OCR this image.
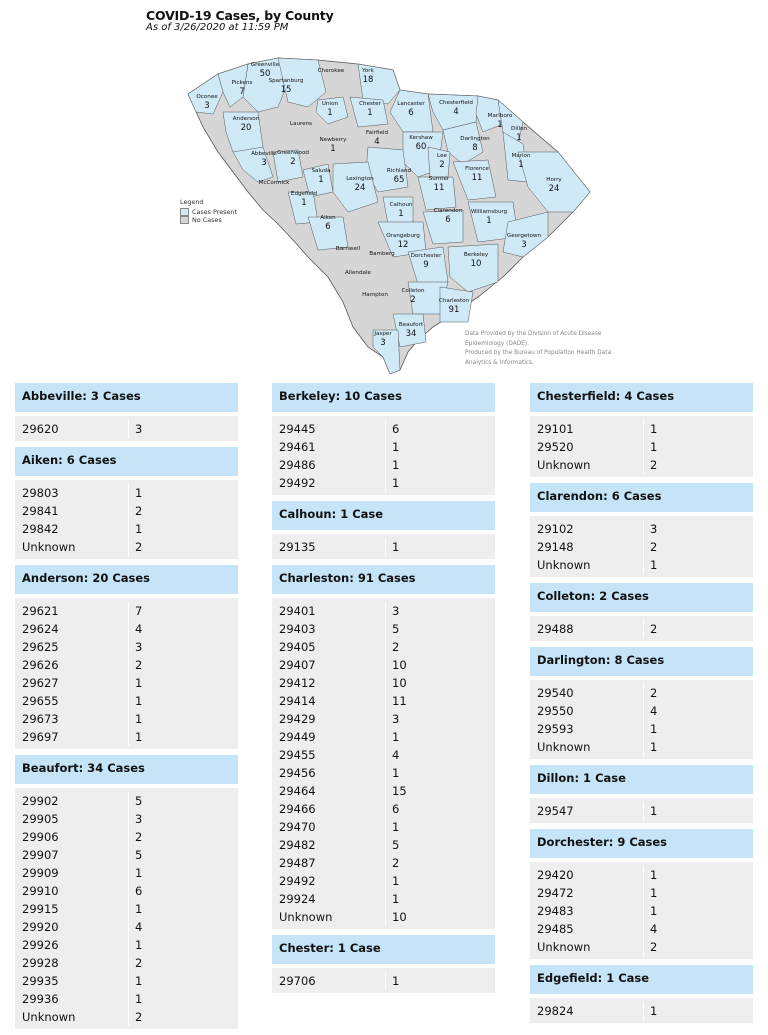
COVID-19 Cases, by County
As of 3/26/2020 at 11:59 PM
Greenville
50
Pickens
7
Oconee
3
Spartanburg
15
Cherokee	York
18
Anderson
20
Union
1
Chester
1
Lancaster
6
Chesterfield
4	Marlboro
1 Dillon
1
Laurens
Newberry
1
Fairfield
4	Kershaw
60
Darlington
8
Marion
1
Abbeville
3
Greenwood
2
Lee
2
Saluda
1
Richland
65
Florence
11
McCormick
Lexington
24
Sumter
11
Horry
24
Edgefield
1	Calhoun
1	Clarendon
6
Williamsburg
1
Aiken
6
Georgetown
3
Orangeburg
12
Barnwell
Bamberg	Dorchester
9
Berkeley
10
Allendale
Colleton
2
Hampton
Charleston
91
Beaufort
34
Jasper
3
Legend
Cases Present
No Cases
Data Provided by the Division of Acute Disease
Epidemiology (DADE).
Produced by the Bureau of Population Health Data
Analytics & Informatics.
Abbeville: 3 Cases
29620	3
Aiken: 6 Cases
29803	1
29841	2
29842	1
Unknown	2
Anderson: 20 Cases
29621	7
29624	4
29625	3
29626	2
29627	1
29655	1
29673	1
29697	1
Beaufort: 34 Cases
29902	5
29905	3
29906	2
29907	5
29909	1
29910	6
29915	1
29920	4
29926	1
29928	2
29935	1
29936	1
Unknown	2
Berkeley: 10 Cases
29445	6
29461	1
29486	1
29492	1
Calhoun: 1 Case
29135	1
Charleston: 91 Cases
29401	3
29403	5
29405	2
29407	10
29412	10
29414	11
29429	3
29449	1
29455	4
29456	1
29464	15
29466	6
29470	1
29482	5
29487	2
29492	1
29924	1
Unknown	10
Chester: 1 Case
29706	1
Chesterfield: 4 Cases
29101	1
29520	1
Unknown	2
Clarendon: 6 Cases
29102	3
29148	2
Unknown	1
Colleton: 2 Cases
29488	2
Darlington: 8 Cases
29540	2
29550	4
29593	1
Unknown	1
Dillon: 1 Case
29547	1
Dorchester: 9 Cases
29420	1
29472	1
29483	1
29485	4
Unknown	2
Edgefield: 1 Case
29824	1
